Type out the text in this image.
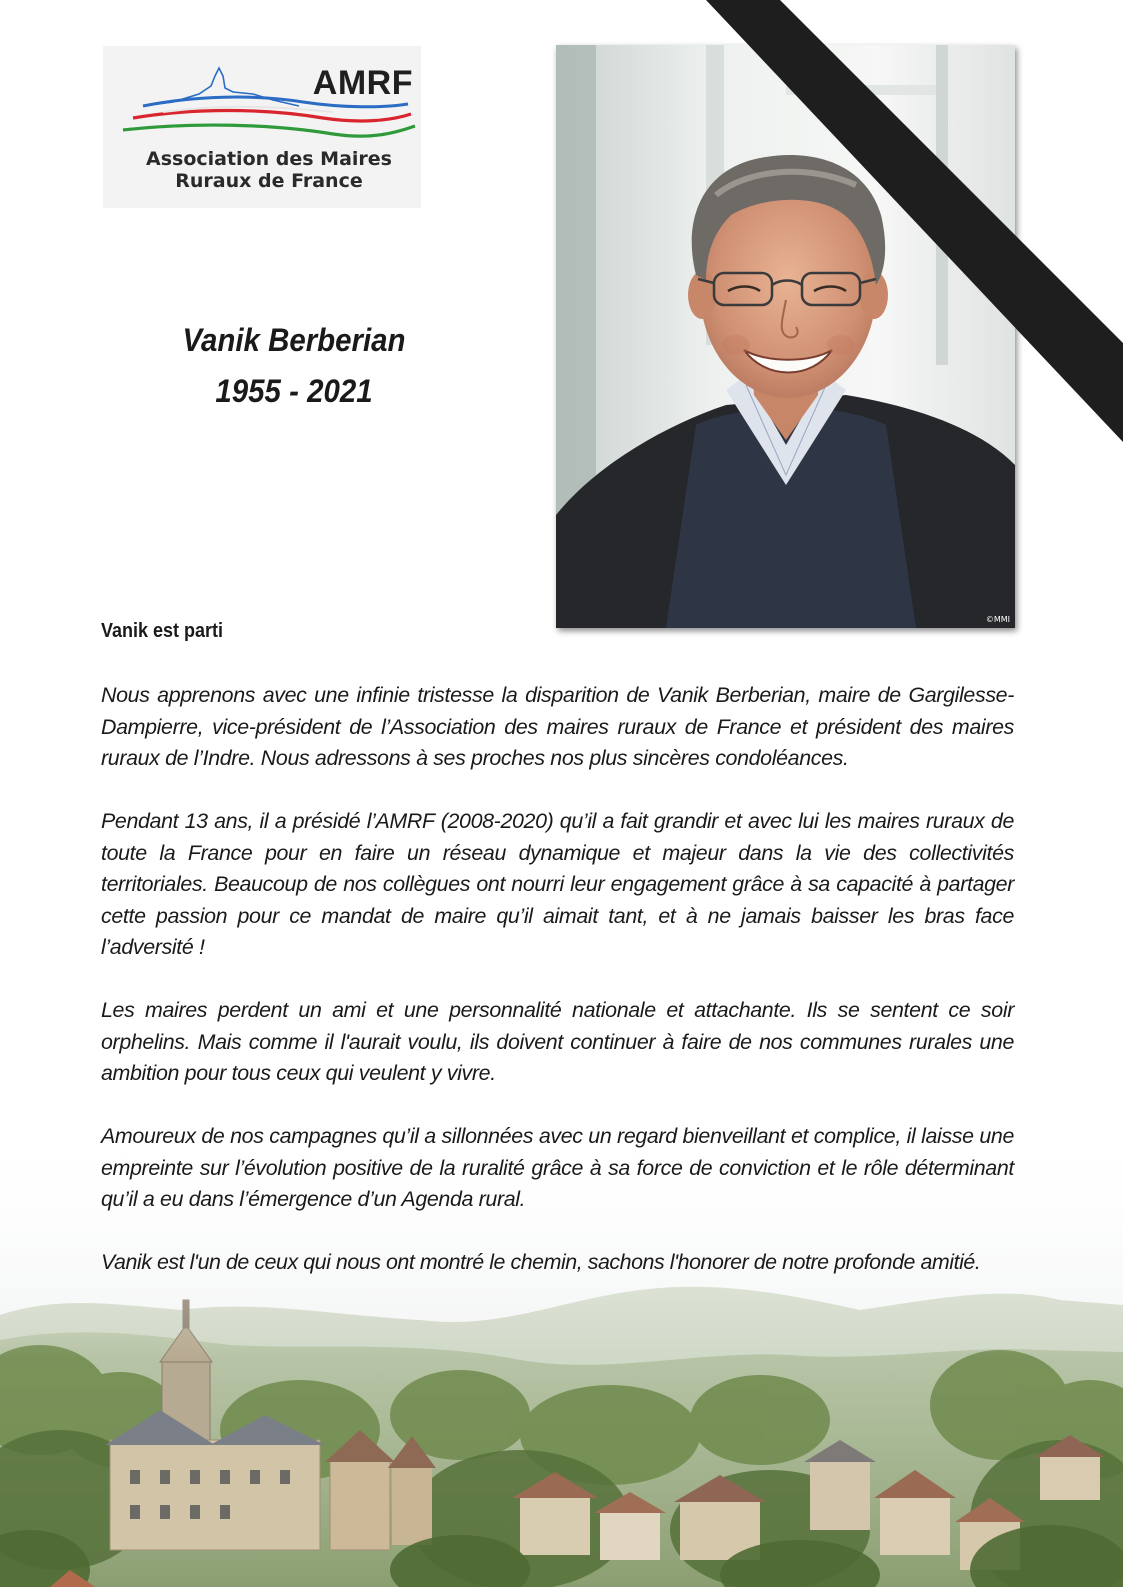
AMRF
Association des Maires
Ruraux de France
Vanik Berberian
1955 - 2021
©MMI
Vanik est parti

Nous apprenons avec une infinie tristesse la disparition de Vanik Berberian, maire de Gargilesse-Dampierre, vice-président de l’Association des maires ruraux de France et président des maires ruraux de l’Indre. Nous adressons à ses proches nos plus sincères condoléances.

Pendant 13 ans, il a présidé l’AMRF (2008-2020) qu’il a fait grandir et avec lui les maires ruraux de toute la France pour en faire un réseau dynamique et majeur dans la vie des collectivités territoriales. Beaucoup de nos collègues ont nourri leur engagement grâce à sa capacité à partager cette passion pour ce mandat de maire qu’il aimait tant, et à ne jamais baisser les bras face l’adversité !

Les maires perdent un ami et une personnalité nationale et attachante. Ils se sentent ce soir orphelins. Mais comme il l'aurait voulu, ils doivent continuer à faire de nos communes rurales une ambition pour tous ceux qui veulent y vivre.

Amoureux de nos campagnes qu’il a sillonnées avec un regard bienveillant et complice, il laisse une empreinte sur l’évolution positive de la ruralité grâce à sa force de conviction et le rôle déterminant qu’il a eu dans l’émergence d’un Agenda rural.

Vanik est l'un de ceux qui nous ont montré le chemin, sachons l'honorer de notre profonde amitié.
